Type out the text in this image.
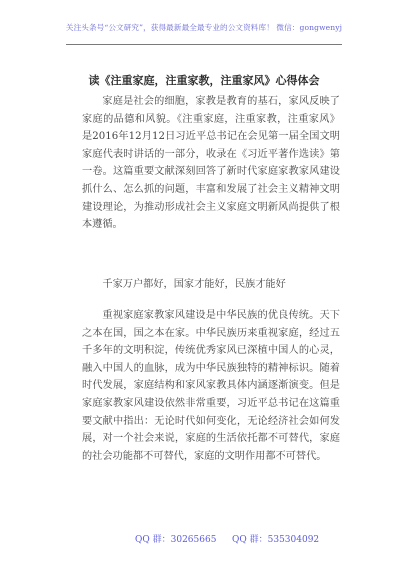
关注头条号“公文研究”，获得最新最全最专业的公文资料库！ 微信：gongwenyj
读《注重家庭，注重家教，注重家风》心得体会
家庭是社会的细胞，家教是教育的基石，家风反映了家庭的品德和风貌。《注重家庭，注重家教，注重家风》是2016年12月12日习近平总书记在会见第一届全国文明家庭代表时讲话的一部分，收录在《习近平著作选读》第一卷。这篇重要文献深刻回答了新时代家庭家教家风建设抓什么、怎么抓的问题，丰富和发展了社会主义精神文明建设理论，为推动形成社会主义家庭文明新风尚提供了根本遵循。
千家万户都好，国家才能好，民族才能好
重视家庭家教家风建设是中华民族的优良传统。天下之本在国，国之本在家。中华民族历来重视家庭，经过五千多年的文明积淀，传统优秀家风已深植中国人的心灵，融入中国人的血脉，成为中华民族独特的精神标识。随着时代发展，家庭结构和家风家教具体内涵逐渐演变。但是家庭家教家风建设依然非常重要，习近平总书记在这篇重要文献中指出：无论时代如何变化，无论经济社会如何发展，对一个社会来说，家庭的生活依托都不可替代，家庭的社会功能都不可替代，家庭的文明作用都不可替代。
QQ 群：30265665 QQ 群：535304092
